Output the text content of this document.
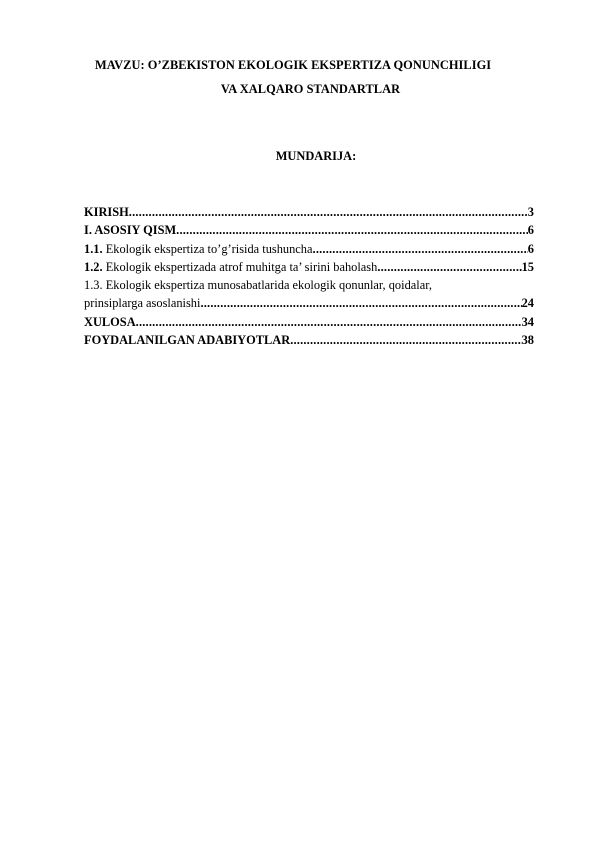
MAVZU: O’ZBEKISTON EKOLOGIK EKSPERTIZA QONUNCHILIGI
VA XALQARO STANDARTLAR
MUNDARIJA:
KIRISH .....	3
I. ASOSIY QISM .....	6
1.1. Ekologik ekspertiza to’g’risida tushuncha .....	6
1.2. Ekologik ekspertizada atrof muhitga ta’ sirini baholash .....	15
1.3. Ekologik ekspertiza munosabatlarida ekologik qonunlar, qoidalar,
prinsiplarga asoslanishi .....	24
XULOSA .....	34
FOYDALANILGAN ADABIYOTLAR .....	38
